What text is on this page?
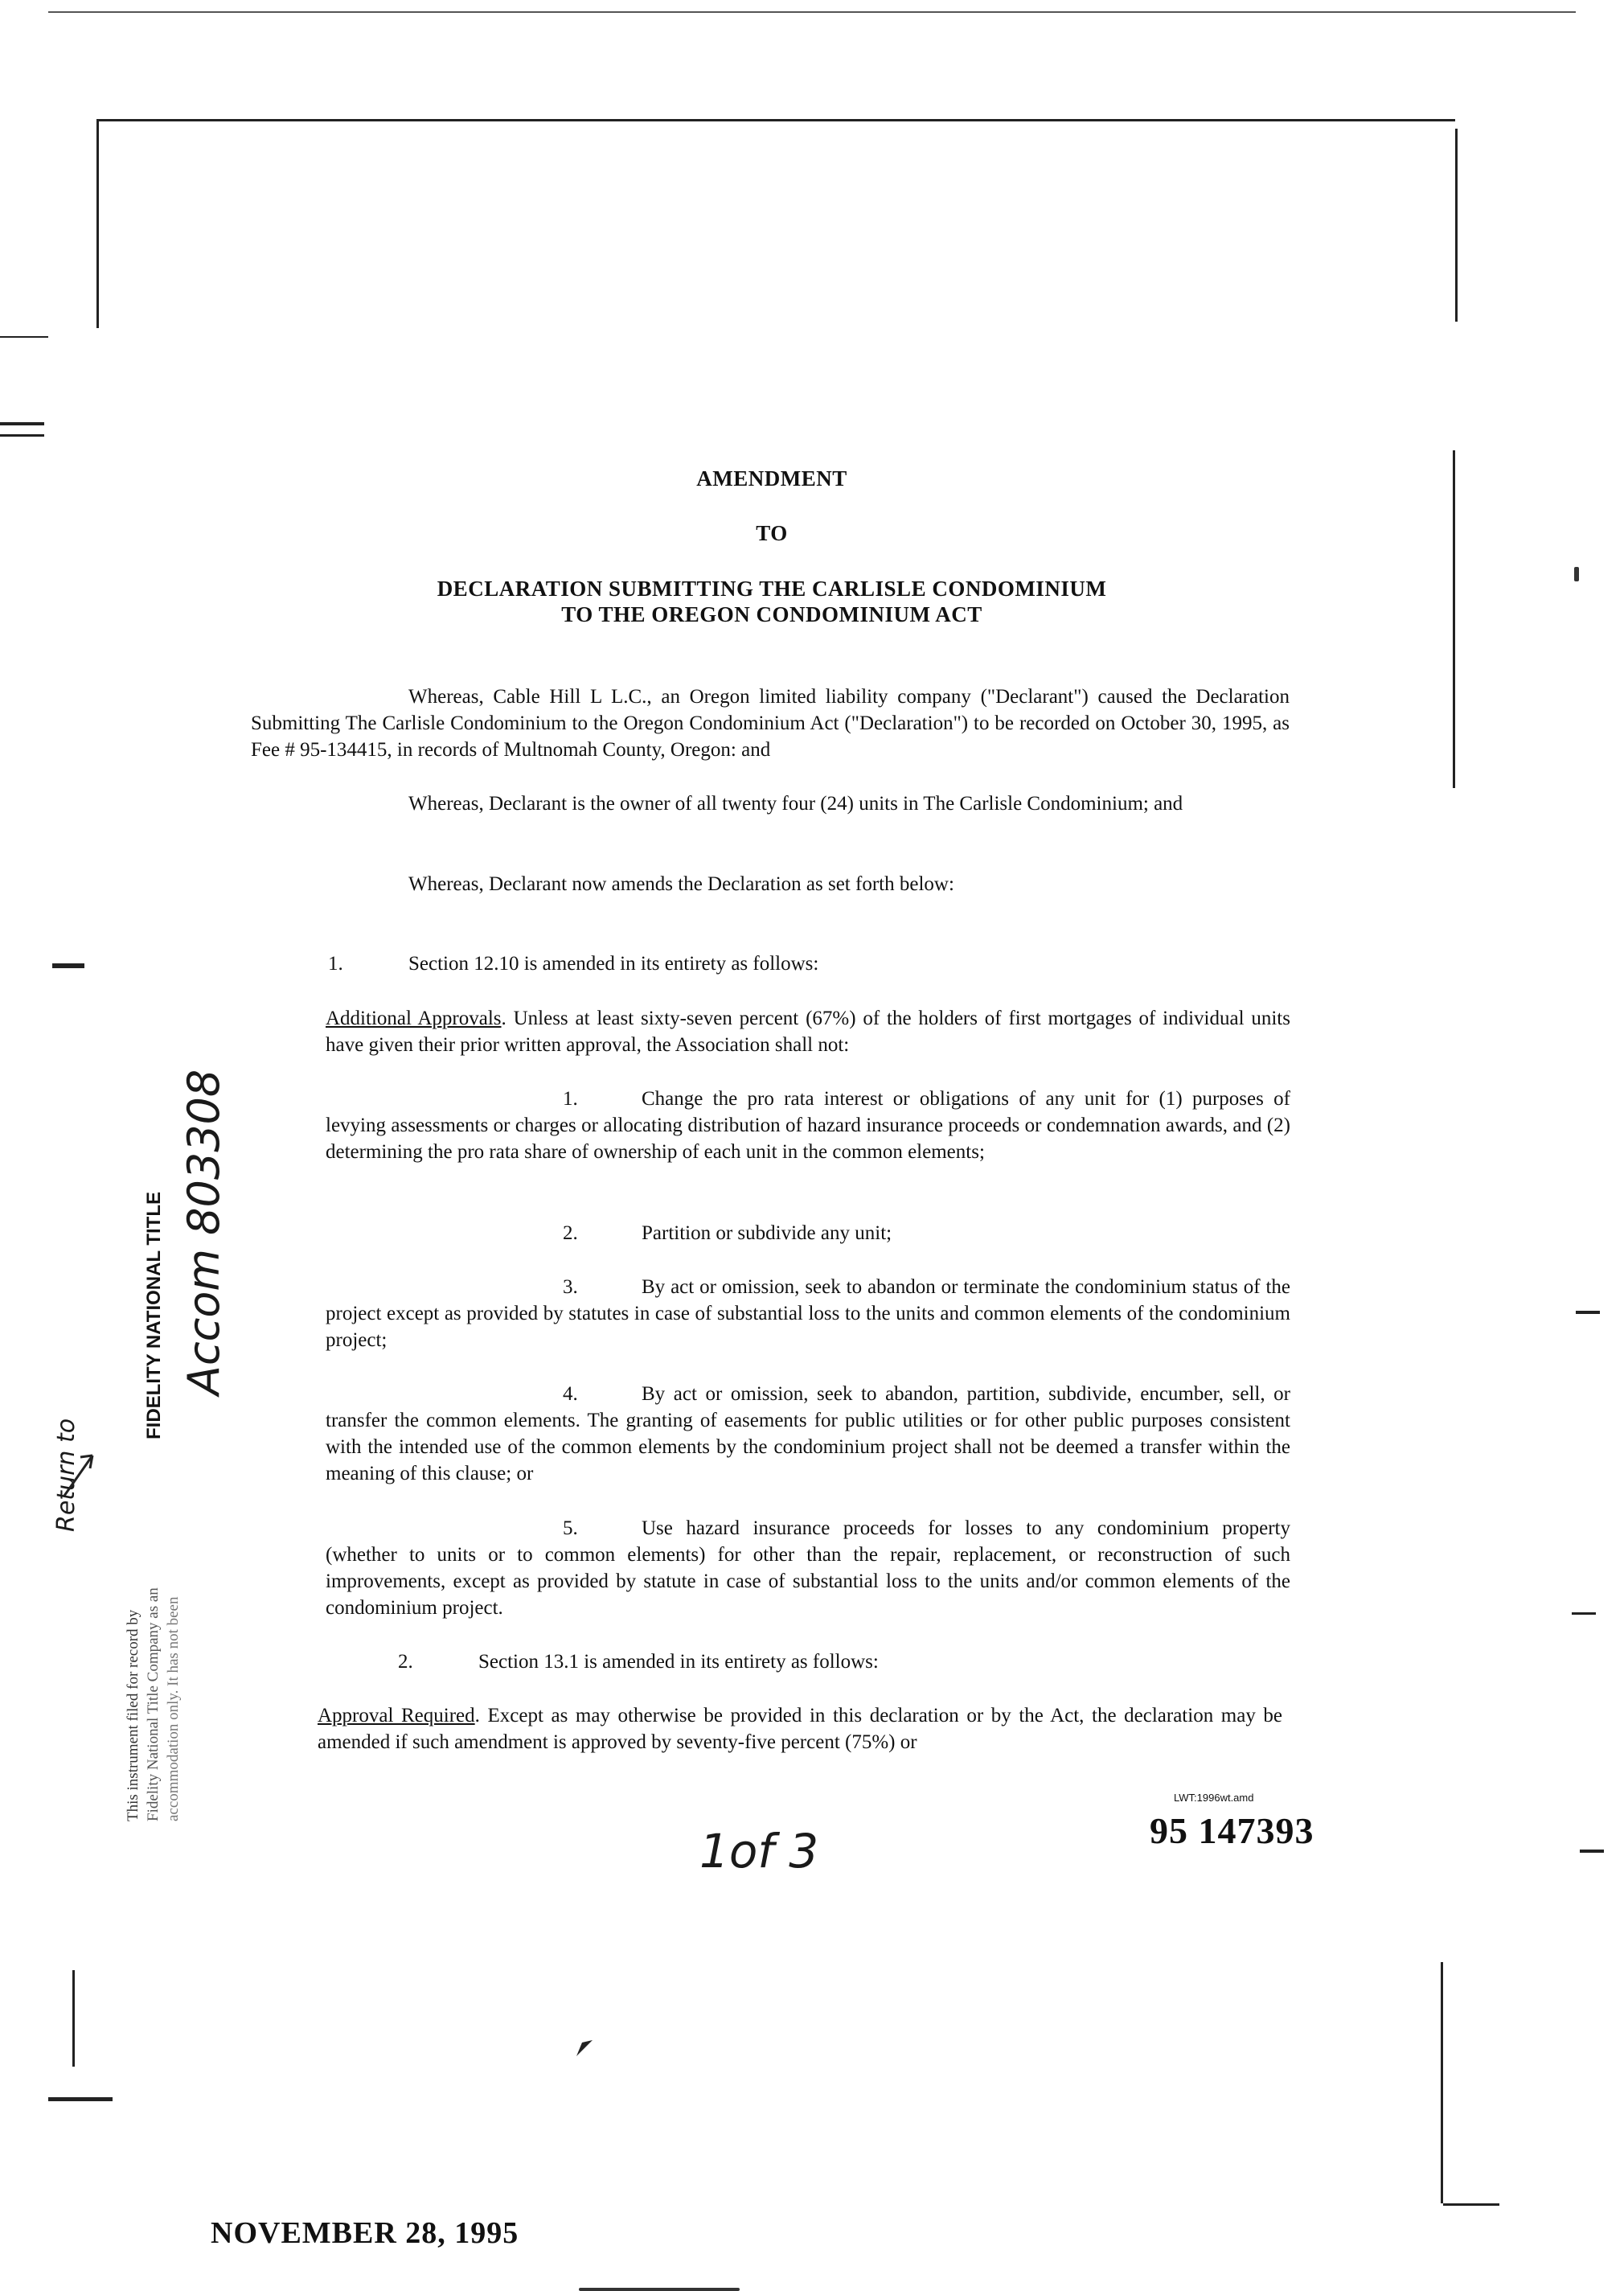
AMENDMENT
TO
DECLARATION SUBMITTING THE CARLISLE CONDOMINIUM
TO THE OREGON CONDOMINIUM ACT
Whereas, Cable Hill L L.C., an Oregon limited liability company ("Declarant") caused the Declaration Submitting The Carlisle Condominium to the Oregon Condominium Act ("Declaration") to be recorded on October 30, 1995, as Fee # 95-134415, in records of Multnomah County, Oregon: and
Whereas, Declarant is the owner of all twenty four (24) units in The Carlisle Condominium; and
Whereas, Declarant now amends the Declaration as set forth below:
1.	Section 12.10 is amended in its entirety as follows:
Additional Approvals. Unless at least sixty-seven percent (67%) of the holders of first mortgages of individual units have given their prior written approval, the Association shall not:
1.	Change the pro rata interest or obligations of any unit for (1) purposes of levying assessments or charges or allocating distribution of hazard insurance proceeds or condemnation awards, and (2) determining the pro rata share of ownership of each unit in the common elements;
2.	Partition or subdivide any unit;
3.	By act or omission, seek to abandon or terminate the condominium status of the project except as provided by statutes in case of substantial loss to the units and common elements of the condominium project;
4.	By act or omission, seek to abandon, partition, subdivide, encumber, sell, or transfer the common elements. The granting of easements for public utilities or for other public purposes consistent with the intended use of the common elements by the condominium project shall not be deemed a transfer within the meaning of this clause; or
5.	Use hazard insurance proceeds for losses to any condominium property (whether to units or to common elements) for other than the repair, replacement, or reconstruction of such improvements, except as provided by statute in case of substantial loss to the units and/or common elements of the condominium project.
2.	Section 13.1 is amended in its entirety as follows:
Approval Required. Except as may otherwise be provided in this declaration or by the Act, the declaration may be amended if such amendment is approved by seventy-five percent (75%) or
LWT:1996wt.amd
95 147393
1of 3
NOVEMBER 28, 1995
FIDELITY NATIONAL TITLE Accom 803308
Return to
This instrument filed for record by Fidelity National Title Company as an accommodation only. It has not been
